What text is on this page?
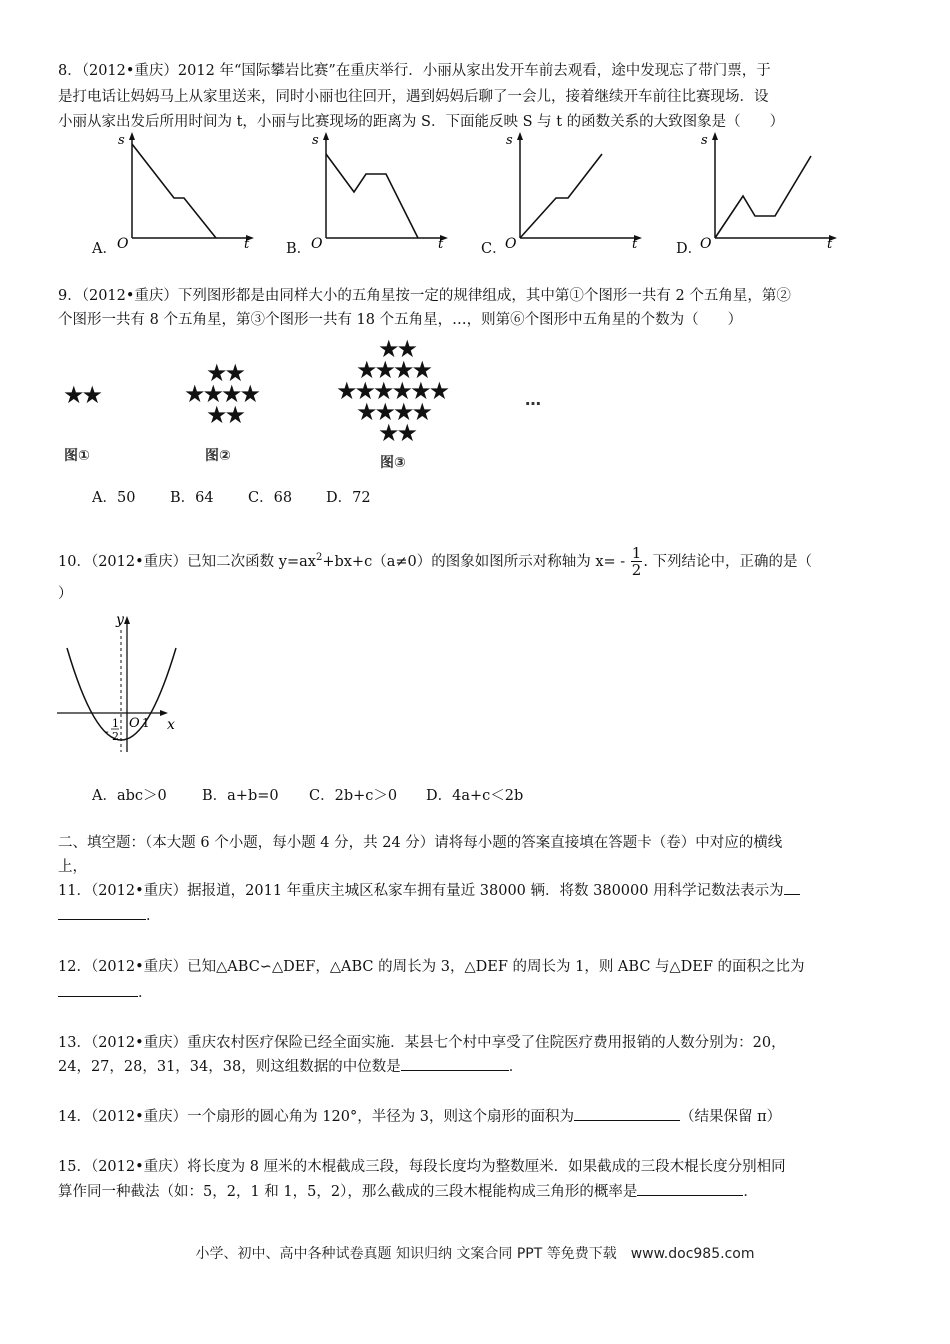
8．（2012•重庆）2012 年“国际攀岩比赛”在重庆举行．小丽从家出发开车前去观看，途中发现忘了带门票，于
是打电话让妈妈马上从家里送来，同时小丽也往回开，遇到妈妈后聊了一会儿，接着继续开车前往比赛现场．设
小丽从家出发后所用时间为 t，小丽与比赛现场的距离为 S．下面能反映 S 与 t 的函数关系的大致图象是（　　）
A．
s
t
O	B．
s
t
O	C．
s
t
O	D．
s
t
O
9．（2012•重庆）下列图形都是由同样大小的五角星按一定的规律组成，其中第①个图形一共有 2 个五角星，第②
个图形一共有 8 个五角星，第③个图形一共有 18 个五角星，…，则第⑥个图形中五角星的个数为（　　）
★★
★★
★★★★
★★
★★
★★★★
★★★★★★
★★★★
★★
…
图①	图②	图③
A．50 B．64 C．68 D．72
10．（2012•重庆）已知二次函数 $y=ax^2+bx+c(a\ne 0)$的图象如图所示对称轴为 $x= - \frac{1}{2}$ . 下列结论中，正确的是（
）
y
x
O 1
-
1
2
A．abc＞0 B．a+b=0 C．2b+c＞0 D．4a+c＜2b
二、填空题：（本大题 6 个小题，每小题 4 分，共 24 分）请将每小题的答案直接填在答题卡（卷）中对应的横线
上，
11．（2012•重庆）据报道，2011 年重庆主城区私家车拥有量近 38000 辆．将数 380000 用科学记数法表示为
．
12．（2012•重庆）已知△ABC∽△DEF，△ABC 的周长为 3，△DEF 的周长为 1，则 ABC 与△DEF 的面积之比为
．
13．（2012•重庆）重庆农村医疗保险已经全面实施．某县七个村中享受了住院医疗费用报销的人数分别为：20，
24，27，28，31，34，38，则这组数据的中位数是	．
14．（2012•重庆）一个扇形的圆心角为 120°，半径为 3，则这个扇形的面积为	（结果保留 π）
15．（2012•重庆）将长度为 8 厘米的木棍截成三段，每段长度均为整数厘米．如果截成的三段木棍长度分别相同
算作同一种截法（如：5，2，1 和 1，5，2），那么截成的三段木棍能构成三角形的概率是	．
小学、初中、高中各种试卷真题 知识归纳 文案合同 PPT 等免费下载　www.doc985.com
